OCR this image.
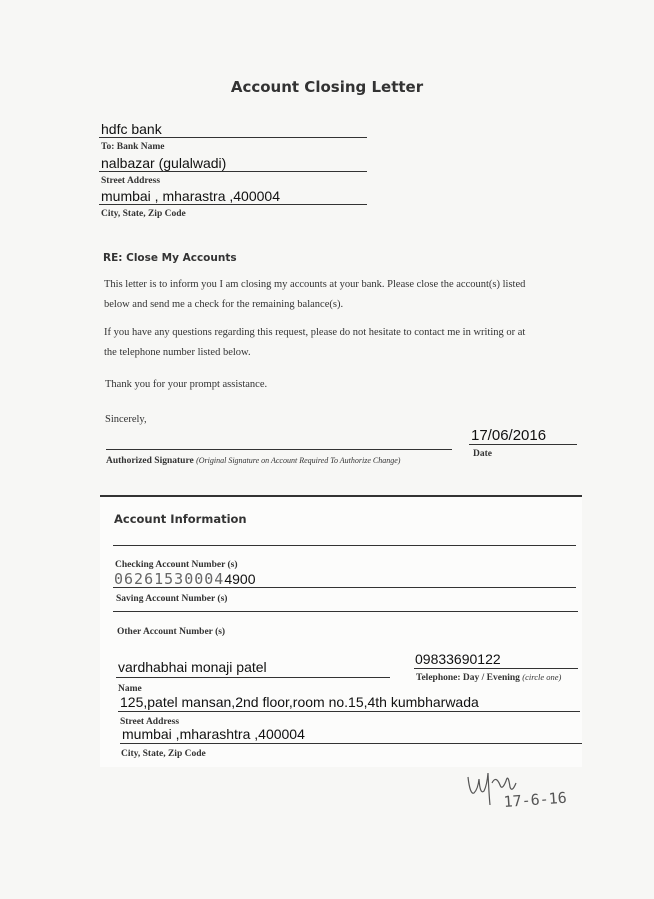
Account Closing Letter
hdfc bank
To: Bank Name
nalbazar (gulalwadi)
Street Address
mumbai , mharastra ,400004
City, State, Zip Code
RE: Close My Accounts
This letter is to inform you I am closing my accounts at your bank. Please close the account(s) listed
below and send me a check for the remaining balance(s).
If you have any questions regarding this request, please do not hesitate to contact me in writing or at
the telephone number listed below.
Thank you for your prompt assistance.
Sincerely,
Authorized Signature (Original Signature on Account Required To Authorize Change)
17/06/2016
Date
Account Information
Checking Account Number (s)
062615300044900
Saving Account Number (s)
Other Account Number (s)
vardhabhai monaji patel
Name
09833690122
Telephone: Day / Evening (circle one)
125,patel mansan,2nd floor,room no.15,4th kumbharwada
Street Address
mumbai ,mharashtra ,400004
City, State, Zip Code
17-6-16
